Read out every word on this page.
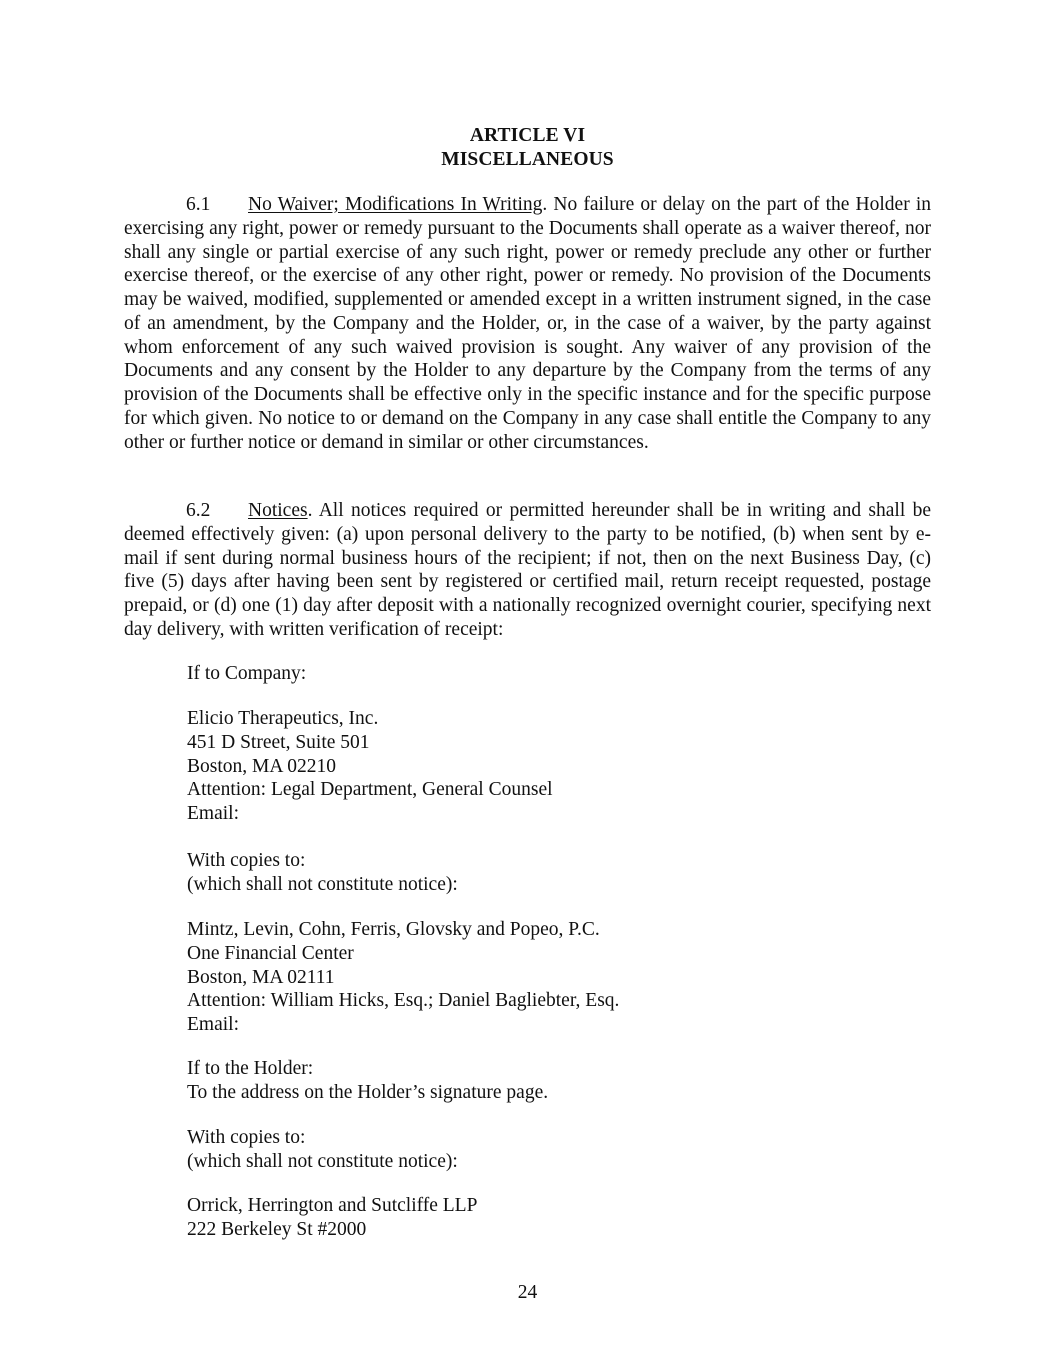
ARTICLE VI
MISCELLANEOUS
6.1 No Waiver; Modifications In Writing. No failure or delay on the part of the Holder in exercising any right, power or remedy pursuant to the Documents shall operate as a waiver thereof, nor shall any single or partial exercise of any such right, power or remedy preclude any other or further exercise thereof, or the exercise of any other right, power or remedy. No provision of the Documents may be waived, modified, supplemented or amended except in a written instrument signed, in the case of an amendment, by the Company and the Holder, or, in the case of a waiver, by the party against whom enforcement of any such waived provision is sought. Any waiver of any provision of the Documents and any consent by the Holder to any departure by the Company from the terms of any provision of the Documents shall be effective only in the specific instance and for the specific purpose for which given. No notice to or demand on the Company in any case shall entitle the Company to any other or further notice or demand in similar or other circumstances.
6.2 Notices. All notices required or permitted hereunder shall be in writing and shall be deemed effectively given: (a) upon personal delivery to the party to be notified, (b) when sent by e-mail if sent during normal business hours of the recipient; if not, then on the next Business Day, (c) five (5) days after having been sent by registered or certified mail, return receipt requested, postage prepaid, or (d) one (1) day after deposit with a nationally recognized overnight courier, specifying next day delivery, with written verification of receipt:
If to Company:
Elicio Therapeutics, Inc.
451 D Street, Suite 501
Boston, MA 02210
Attention: Legal Department, General Counsel
Email:
With copies to:
(which shall not constitute notice):
Mintz, Levin, Cohn, Ferris, Glovsky and Popeo, P.C.
One Financial Center
Boston, MA 02111
Attention: William Hicks, Esq.; Daniel Bagliebter, Esq.
Email:
If to the Holder:
To the address on the Holder’s signature page.
With copies to:
(which shall not constitute notice):
Orrick, Herrington and Sutcliffe LLP
222 Berkeley St #2000
24
